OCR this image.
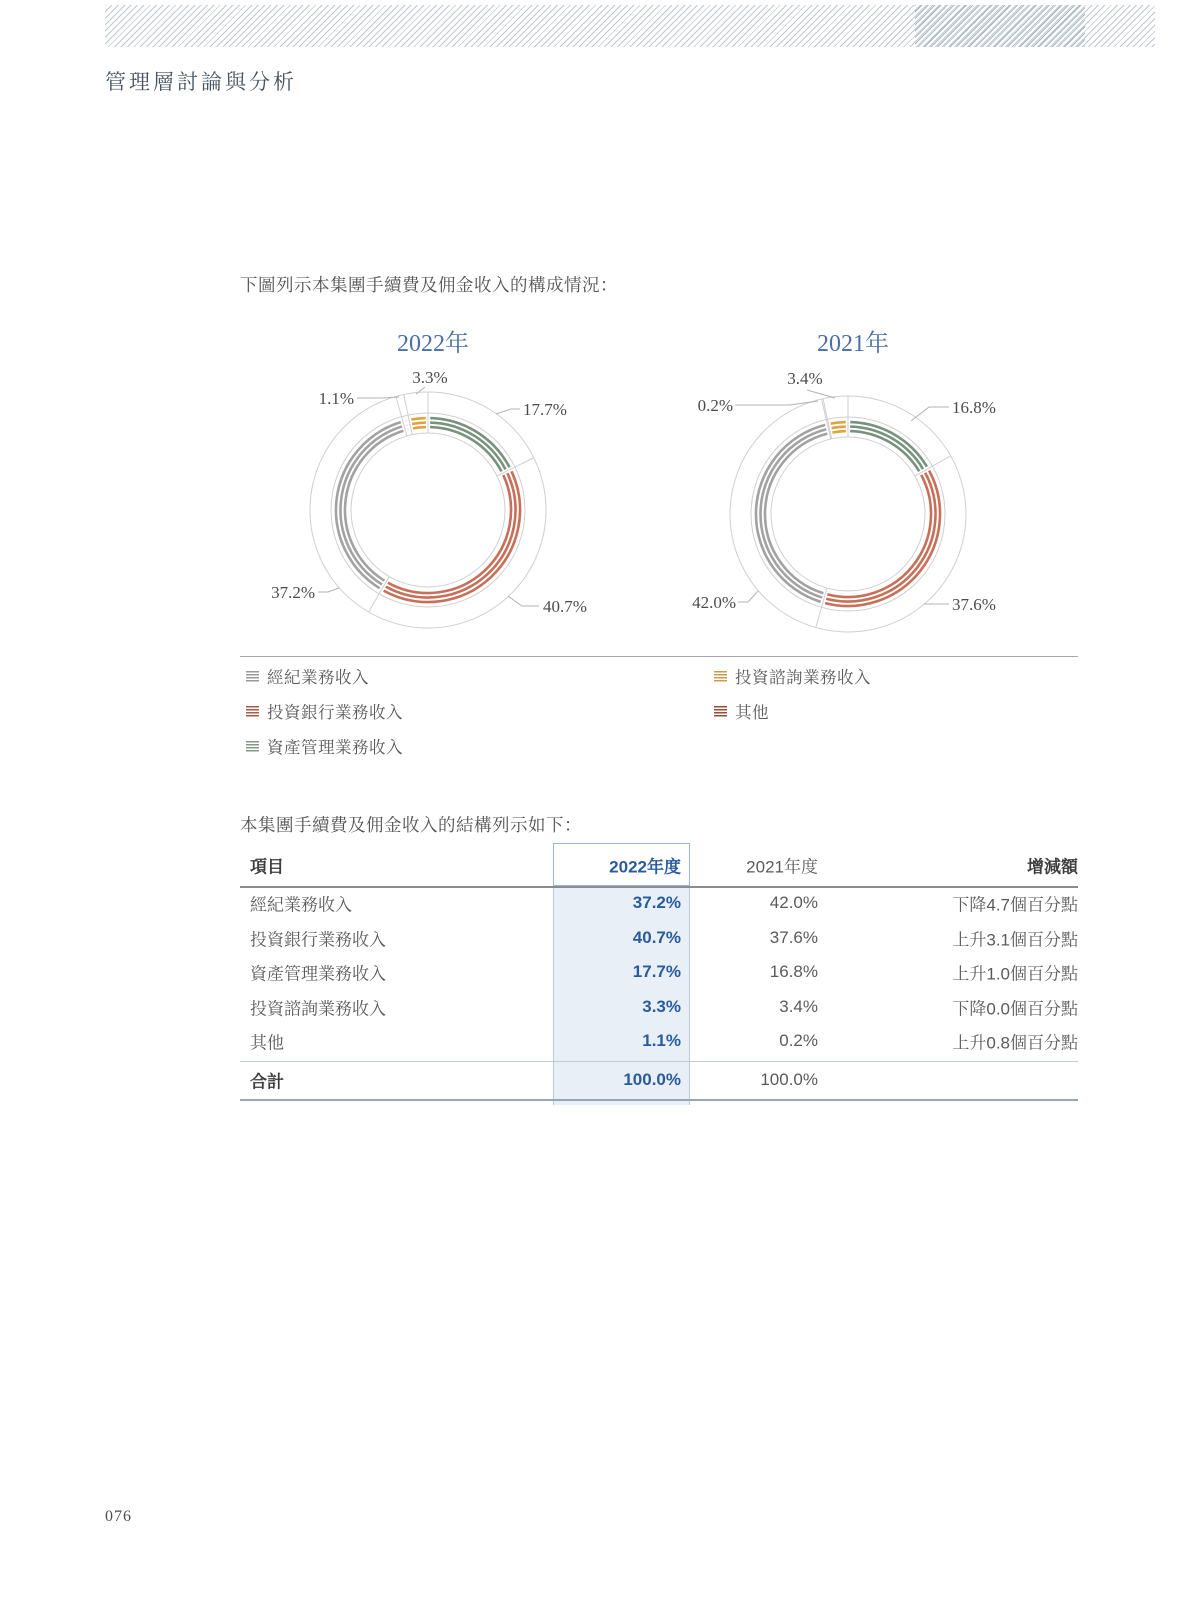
管理層討論與分析
下圖列示本集團手續費及佣金收入的構成情況：
2022年	2021年
17.7%
40.7%
37.2%
1.1%
3.3%
16.8%
37.6%
42.0%
0.2%
3.4%
經紀業務收入
投資銀行業務收入
資產管理業務收入
投資諮詢業務收入
其他
本集團手續費及佣金收入的結構列示如下：
項目	2022年度	2021年度	增減額
經紀業務收入	37.2%	42.0%	下降4.7個百分點
投資銀行業務收入	40.7%	37.6%	上升3.1個百分點
資產管理業務收入	17.7%	16.8%	上升1.0個百分點
投資諮詢業務收入	3.3%	3.4%	下降0.0個百分點
其他	1.1%	0.2%	上升0.8個百分點
合計	100.0%	100.0%
076
